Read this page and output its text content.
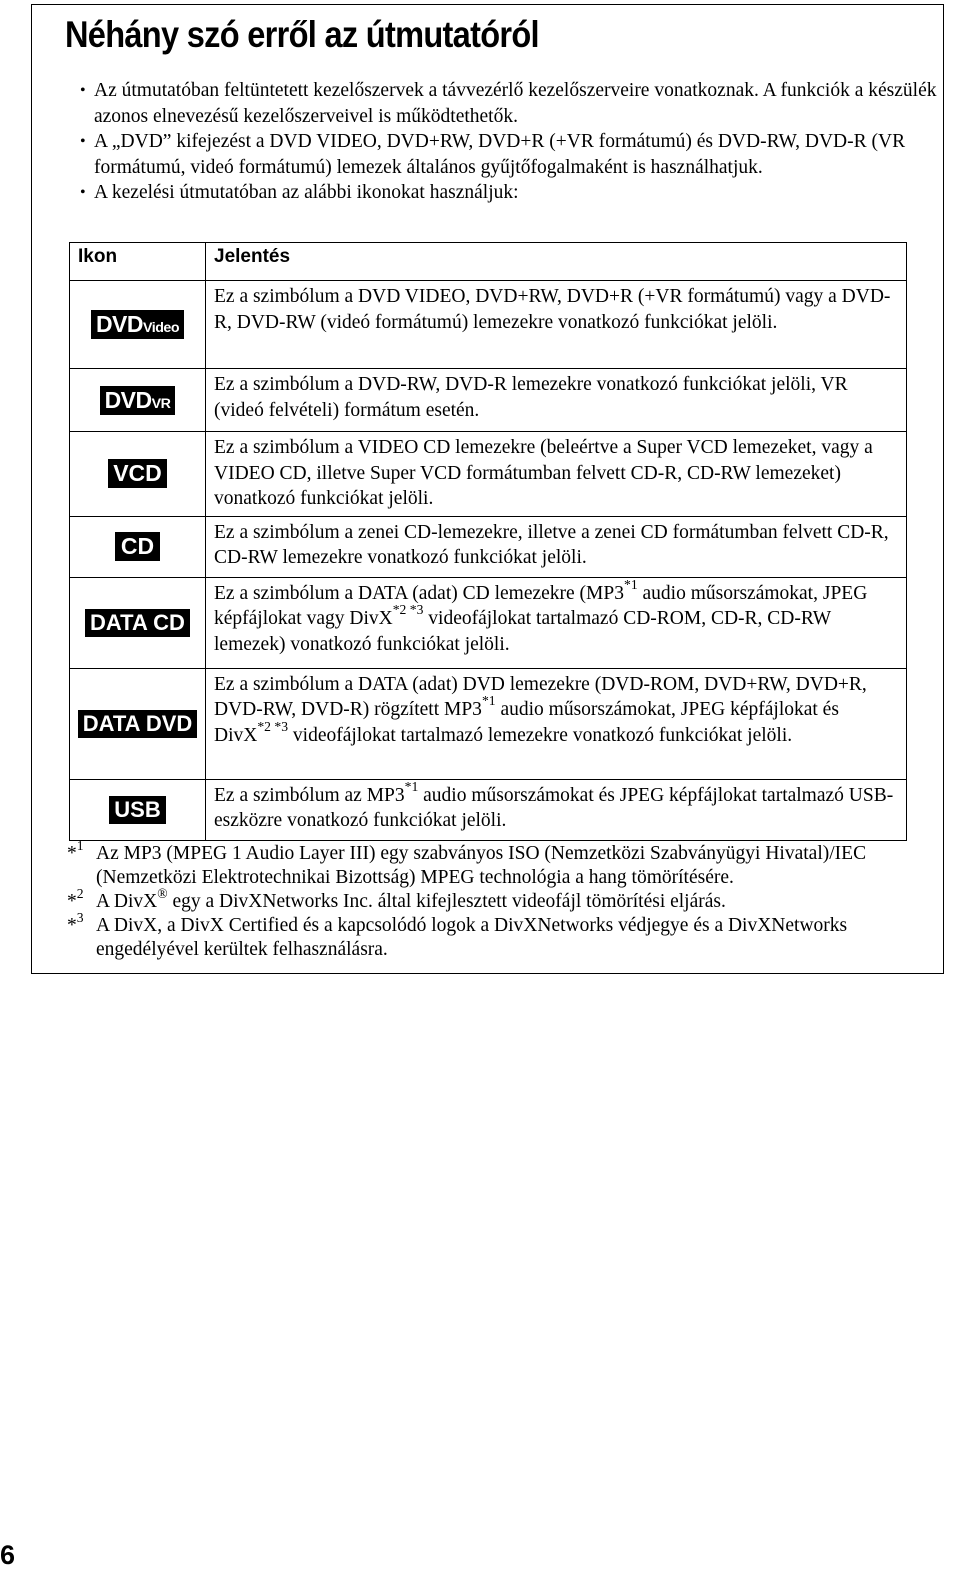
Néhány szó erről az útmutatóról
• Az útmutatóban feltüntetett kezelőszervek a távvezérlő kezelőszerveire vonatkoznak. A funkciók a készülék azonos elnevezésű kezelőszerveivel is működtethetők.
• A „DVD” kifejezést a DVD VIDEO, DVD+RW, DVD+R (+VR formátumú) és DVD-RW, DVD-R (VR formátumú, videó formátumú) lemezek általános gyűjtőfogalmaként is használhatjuk.
• A kezelési útmutatóban az alábbi ikonokat használjuk:
Ikon	Jelentés
DVDVideo	Ez a szimbólum a DVD VIDEO, DVD+RW, DVD+R (+VR formátumú) vagy a DVD-R, DVD-RW (videó formátumú) lemezekre vonatkozó funkciókat jelöli.
DVDVR	Ez a szimbólum a DVD-RW, DVD-R lemezekre vonatkozó funkciókat jelöli, VR (videó felvételi) formátum esetén.
VCD	Ez a szimbólum a VIDEO CD lemezekre (beleértve a Super VCD lemezeket, vagy a VIDEO CD, illetve Super VCD formátumban felvett CD-R, CD-RW lemezeket) vonatkozó funkciókat jelöli.
CD	Ez a szimbólum a zenei CD-lemezekre, illetve a zenei CD formátumban felvett CD-R, CD-RW lemezekre vonatkozó funkciókat jelöli.
DATA CD	Ez a szimbólum a DATA (adat) CD lemezekre (MP3$^{*1}$ audio műsorszámokat, JPEG képfájlokat vagy DivX$^{*2 *3}$ videofájlokat tartalmazó CD-ROM, CD-R, CD-RW lemezek) vonatkozó funkciókat jelöli.
DATA DVD	Ez a szimbólum a DATA (adat) DVD lemezekre (DVD-ROM, DVD+RW, DVD+R, DVD-RW, DVD-R) rögzített MP3$^{*1}$ audio műsorszámokat, JPEG képfájlokat és DivX$^{*2 *3}$ videofájlokat tartalmazó lemezekre vonatkozó funkciókat jelöli.
USB	Ez a szimbólum az MP3$^{*1}$ audio műsorszámokat és JPEG képfájlokat tartalmazó USB-eszközre vonatkozó funkciókat jelöli.
*$^1$ Az MP3 (MPEG 1 Audio Layer III) egy szabványos ISO (Nemzetközi Szabványügyi Hivatal)/IEC (Nemzetközi Elektrotechnikai Bizottság) MPEG technológia a hang tömörítésére.
*$^2$ A DivX® egy a DivXNetworks Inc. által kifejlesztett videofájl tömörítési eljárás.
*$^3$ A DivX, a DivX Certified és a kapcsolódó logok a DivXNetworks védjegye és a DivXNetworks engedélyével kerültek felhasználásra.
6
